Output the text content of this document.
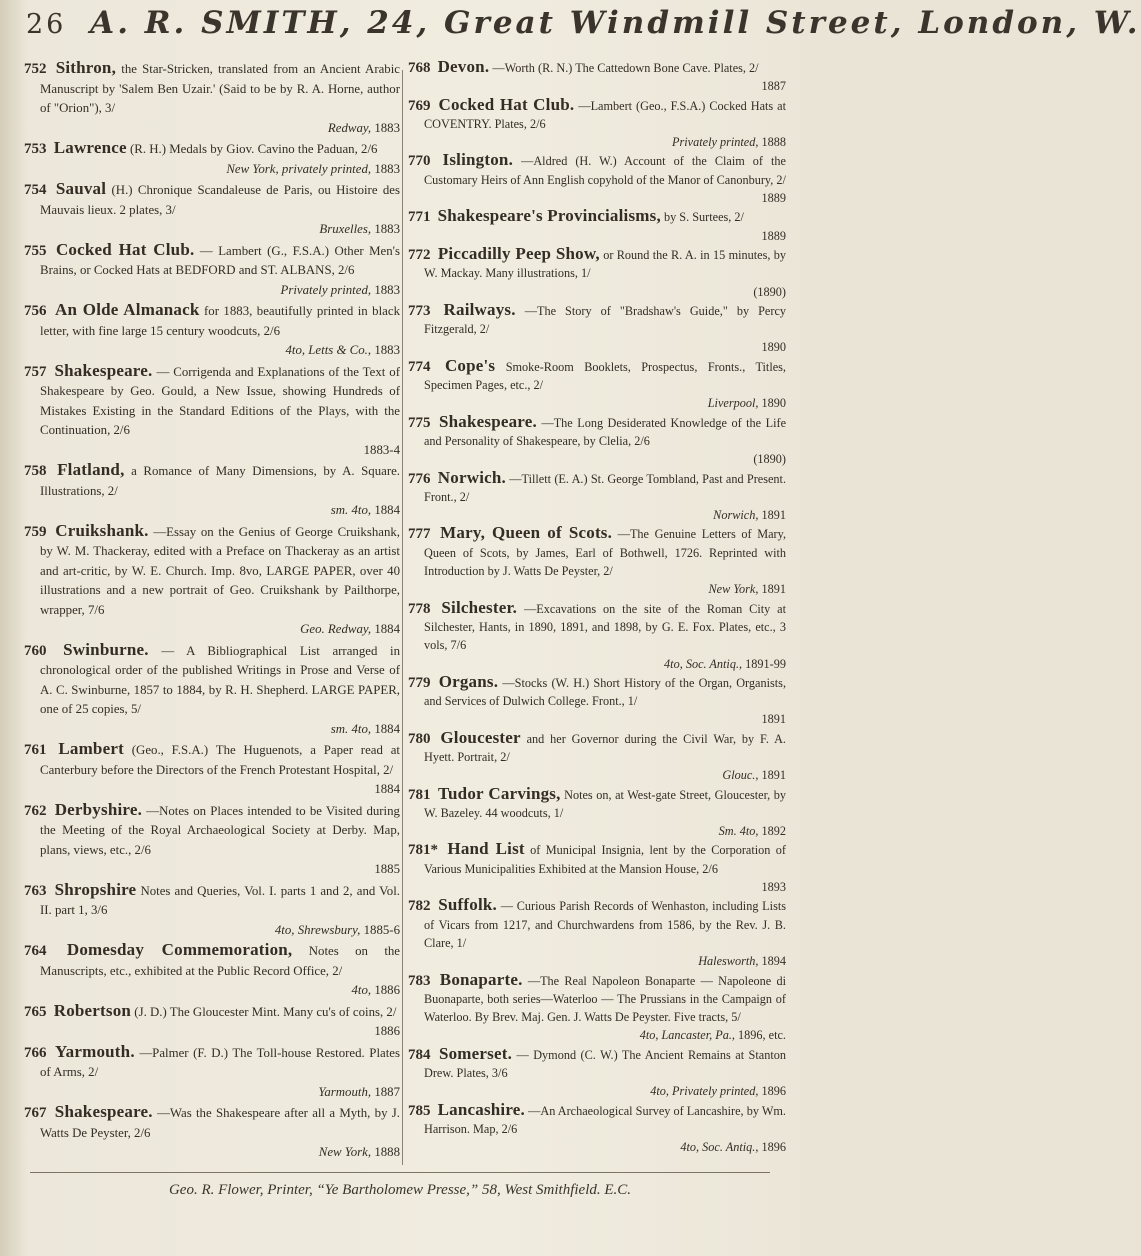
26 A. R. SMITH, 24, Great Windmill Street, London, W.

752 Sithron, the Star-Stricken, translated from an Ancient Arabic Manuscript by 'Salem Ben Uzair.' (Said to be by R. A. Horne, author of "Orion"), 3/
Redway, 1883

753 Lawrence (R. H.) Medals by Giov. Cavino the Paduan, 2/6
New York, privately printed, 1883

754 Sauval (H.) Chronique Scandaleuse de Paris, ou Histoire des Mauvais lieux. 2 plates, 3/
Bruxelles, 1883

755 Cocked Hat Club. — Lambert (G., F.S.A.) Other Men's Brains, or Cocked Hats at BEDFORD and ST. ALBANS, 2/6
Privately printed, 1883

756 An Olde Almanack for 1883, beautifully printed in black letter, with fine large 15 century woodcuts, 2/6
4to, Letts & Co., 1883

757 Shakespeare. — Corrigenda and Explanations of the Text of Shakespeare by Geo. Gould, a New Issue, showing Hundreds of Mistakes Existing in the Standard Editions of the Plays, with the Continuation, 2/6
1883-4

758 Flatland, a Romance of Many Dimensions, by A. Square. Illustrations, 2/
sm. 4to, 1884

759 Cruikshank. —Essay on the Genius of George Cruikshank, by W. M. Thackeray, edited with a Preface on Thackeray as an artist and art-critic, by W. E. Church. Imp. 8vo, LARGE PAPER, over 40 illustrations and a new portrait of Geo. Cruikshank by Pailthorpe, wrapper, 7/6
Geo. Redway, 1884

760 Swinburne. — A Bibliographical List arranged in chronological order of the published Writings in Prose and Verse of A. C. Swinburne, 1857 to 1884, by R. H. Shepherd. LARGE PAPER, one of 25 copies, 5/
sm. 4to, 1884

761 Lambert (Geo., F.S.A.) The Huguenots, a Paper read at Canterbury before the Directors of the French Protestant Hospital, 2/
1884

762 Derbyshire. —Notes on Places intended to be Visited during the Meeting of the Royal Archaeological Society at Derby. Map, plans, views, etc., 2/6
1885

763 Shropshire Notes and Queries, Vol. I. parts 1 and 2, and Vol. II. part 1, 3/6
4to, Shrewsbury, 1885-6

764 Domesday Commemoration, Notes on the Manuscripts, etc., exhibited at the Public Record Office, 2/
4to, 1886

765 Robertson (J. D.) The Gloucester Mint. Many cu's of coins, 2/
1886

766 Yarmouth. —Palmer (F. D.) The Toll-house Restored. Plates of Arms, 2/
Yarmouth, 1887

767 Shakespeare. —Was the Shakespeare after all a Myth, by J. Watts De Peyster, 2/6
New York, 1888

768 Devon. —Worth (R. N.) The Cattedown Bone Cave. Plates, 2/
1887

769 Cocked Hat Club. —Lambert (Geo., F.S.A.) Cocked Hats at COVENTRY. Plates, 2/6
Privately printed, 1888

770 Islington. —Aldred (H. W.) Account of the Claim of the Customary Heirs of Ann English copyhold of the Manor of Canonbury, 2/
1889

771 Shakespeare's Provincialisms, by S. Surtees, 2/
1889

772 Piccadilly Peep Show, or Round the R. A. in 15 minutes, by W. Mackay. Many illustrations, 1/
(1890)

773 Railways. —The Story of "Bradshaw's Guide," by Percy Fitzgerald, 2/
1890

774 Cope's Smoke-Room Booklets, Prospectus, Fronts., Titles, Specimen Pages, etc., 2/
Liverpool, 1890

775 Shakespeare. —The Long Desiderated Knowledge of the Life and Personality of Shakespeare, by Clelia, 2/6
(1890)

776 Norwich. —Tillett (E. A.) St. George Tombland, Past and Present. Front., 2/
Norwich, 1891

777 Mary, Queen of Scots. —The Genuine Letters of Mary, Queen of Scots, by James, Earl of Bothwell, 1726. Reprinted with Introduction by J. Watts De Peyster, 2/
New York, 1891

778 Silchester. —Excavations on the site of the Roman City at Silchester, Hants, in 1890, 1891, and 1898, by G. E. Fox. Plates, etc., 3 vols, 7/6
4to, Soc. Antiq., 1891-99

779 Organs. —Stocks (W. H.) Short History of the Organ, Organists, and Services of Dulwich College. Front., 1/
1891

780 Gloucester and her Governor during the Civil War, by F. A. Hyett. Portrait, 2/
Glouc., 1891

781 Tudor Carvings, Notes on, at West-gate Street, Gloucester, by W. Bazeley. 44 woodcuts, 1/
Sm. 4to, 1892

781* Hand List of Municipal Insignia, lent by the Corporation of Various Municipalities Exhibited at the Mansion House, 2/6
1893

782 Suffolk. — Curious Parish Records of Wenhaston, including Lists of Vicars from 1217, and Churchwardens from 1586, by the Rev. J. B. Clare, 1/
Halesworth, 1894

783 Bonaparte. —The Real Napoleon Bonaparte — Napoleone di Buonaparte, both series—Waterloo — The Prussians in the Campaign of Waterloo. By Brev. Maj. Gen. J. Watts De Peyster. Five tracts, 5/
4to, Lancaster, Pa., 1896, etc.

784 Somerset. — Dymond (C. W.) The Ancient Remains at Stanton Drew. Plates, 3/6
4to, Privately printed, 1896

785 Lancashire. —An Archaeological Survey of Lancashire, by Wm. Harrison. Map, 2/6
4to, Soc. Antiq., 1896

Geo. R. Flower, Printer, “Ye Bartholomew Presse,” 58, West Smithfield. E.C.
